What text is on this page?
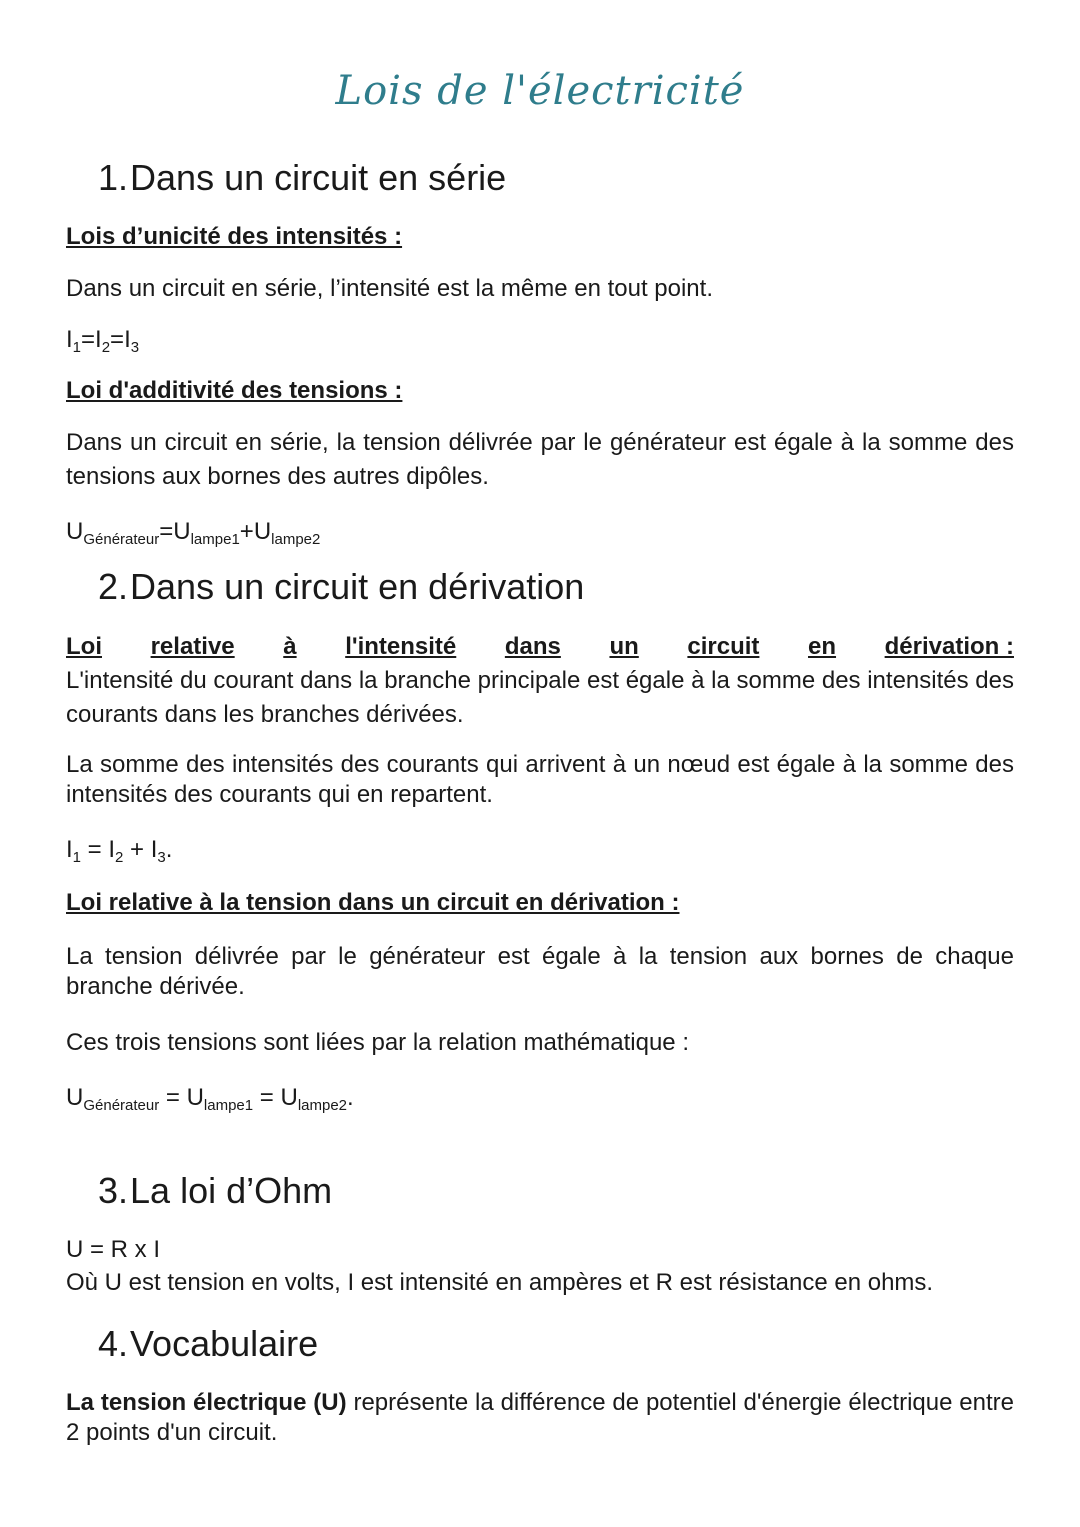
Lois de l'électricité
1.Dans un circuit en série
Lois d’unicité des intensités :
Dans un circuit en série, l’intensité est la même en tout point.
$I_1=I_2=I_3$
Loi d'additivité des tensions :
Dans un circuit en série, la tension délivrée par le générateur est égale à la somme des tensions aux bornes des autres dipôles.
$U_{Générateur}=U_{lampe1}+U_{lampe2}$
2.Dans un circuit en dérivation
Loi relative à l'intensité dans un circuit en dérivation :
L'intensité du courant dans la branche principale est égale à la somme des intensités des courants dans les branches dérivées.
La somme des intensités des courants qui arrivent à un nœud est égale à la somme des intensités des courants qui en repartent.
$I_1 = I_2 + I_3$.
Loi relative à la tension dans un circuit en dérivation :
La tension délivrée par le générateur est égale à la tension aux bornes de chaque branche dérivée.
Ces trois tensions sont liées par la relation mathématique :
$U_{Générateur} = U_{lampe1} = U_{lampe2}$.
3.La loi d’Ohm
U = R x I
Où U est tension en volts, I est intensité en ampères et R est résistance en ohms.
4.Vocabulaire
La tension électrique (U) représente la différence de potentiel d'énergie électrique entre 2 points d'un circuit.
